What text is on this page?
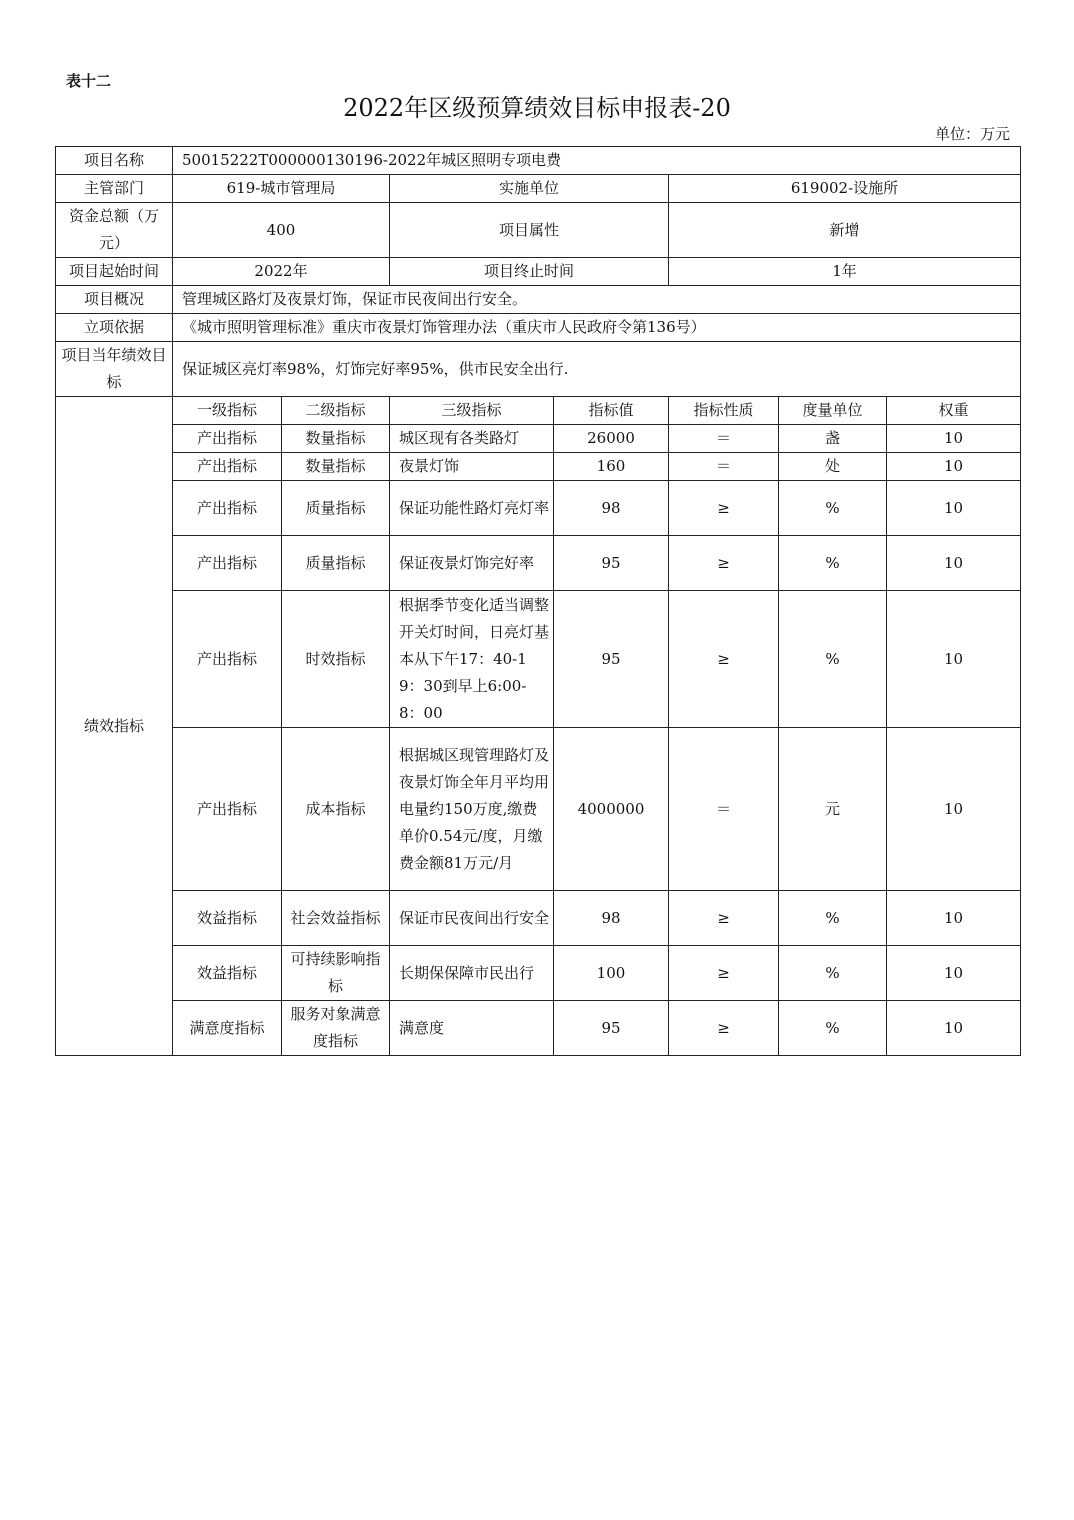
表十二
2022年区级预算绩效目标申报表-20
单位：万元
项目名称	50015222T000000130196-2022年城区照明专项电费						
主管部门	619-城市管理局		实施单位		619002-设施所		
资金总额（万元）	400		项目属性		新增		
项目起始时间	2022年		项目终止时间		1年		
项目概况	管理城区路灯及夜景灯饰，保证市民夜间出行安全。						
立项依据	《城市照明管理标准》重庆市夜景灯饰管理办法（重庆市人民政府令第136号）						
项目当年绩效目标	保证城区亮灯率98%，灯饰完好率95%，供市民安全出行.						
绩效指标	一级指标	二级指标	三级指标	指标值	指标性质	度量单位	权重
	产出指标	数量指标	城区现有各类路灯	26000	＝	盏	10
	产出指标	数量指标	夜景灯饰	160	＝	处	10
	产出指标	质量指标	保证功能性路灯亮灯率	98	≥	%	10
	产出指标	质量指标	保证夜景灯饰完好率	95	≥	%	10
	产出指标	时效指标	根据季节变化适当调整开关灯时间，日亮灯基本从下午17：40-19：30到早上6:00-8：00	95	≥	%	10
	产出指标	成本指标	根据城区现管理路灯及夜景灯饰全年月平均用电量约150万度,缴费单价0.54元/度，月缴费金额81万元/月	4000000	＝	元	10
	效益指标	社会效益指标	保证市民夜间出行安全	98	≥	%	10
	效益指标	可持续影响指标	长期保保障市民出行	100	≥	%	10
	满意度指标	服务对象满意度指标	满意度	95	≥	%	10
